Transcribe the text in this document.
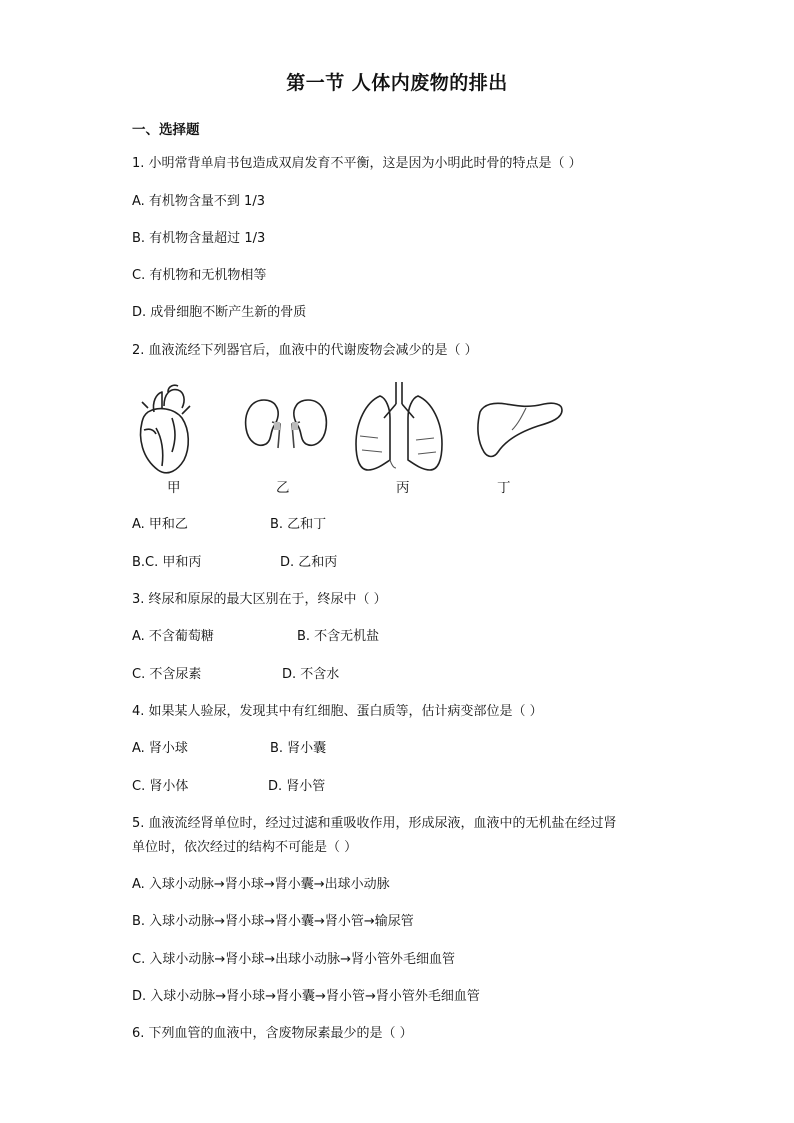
第一节 人体内废物的排出
一、选择题
1. 小明常背单肩书包造成双肩发育不平衡，这是因为小明此时骨的特点是（ ）
A. 有机物含量不到 1/3
B. 有机物含量超过 1/3
C. 有机物和无机物相等
D. 成骨细胞不断产生新的骨质
2. 血液流经下列器官后，血液中的代谢废物会减少的是（ ）
甲	乙	丙	丁
A. 甲和乙	B. 乙和丁
B.C. 甲和丙	D. 乙和丙
3. 终尿和原尿的最大区别在于，终尿中（ ）
A. 不含葡萄糖	B. 不含无机盐
C. 不含尿素	D. 不含水
4. 如果某人验尿，发现其中有红细胞、蛋白质等，估计病变部位是（ ）
A. 肾小球	B. 肾小囊
C. 肾小体	D. 肾小管
5. 血液流经肾单位时，经过过滤和重吸收作用，形成尿液，血液中的无机盐在经过肾
单位时，依次经过的结构不可能是（ ）
A. 入球小动脉→肾小球→肾小囊→出球小动脉
B. 入球小动脉→肾小球→肾小囊→肾小管→输尿管
C. 入球小动脉→肾小球→出球小动脉→肾小管外毛细血管
D. 入球小动脉→肾小球→肾小囊→肾小管→肾小管外毛细血管
6. 下列血管的血液中，含废物尿素最少的是（ ）
